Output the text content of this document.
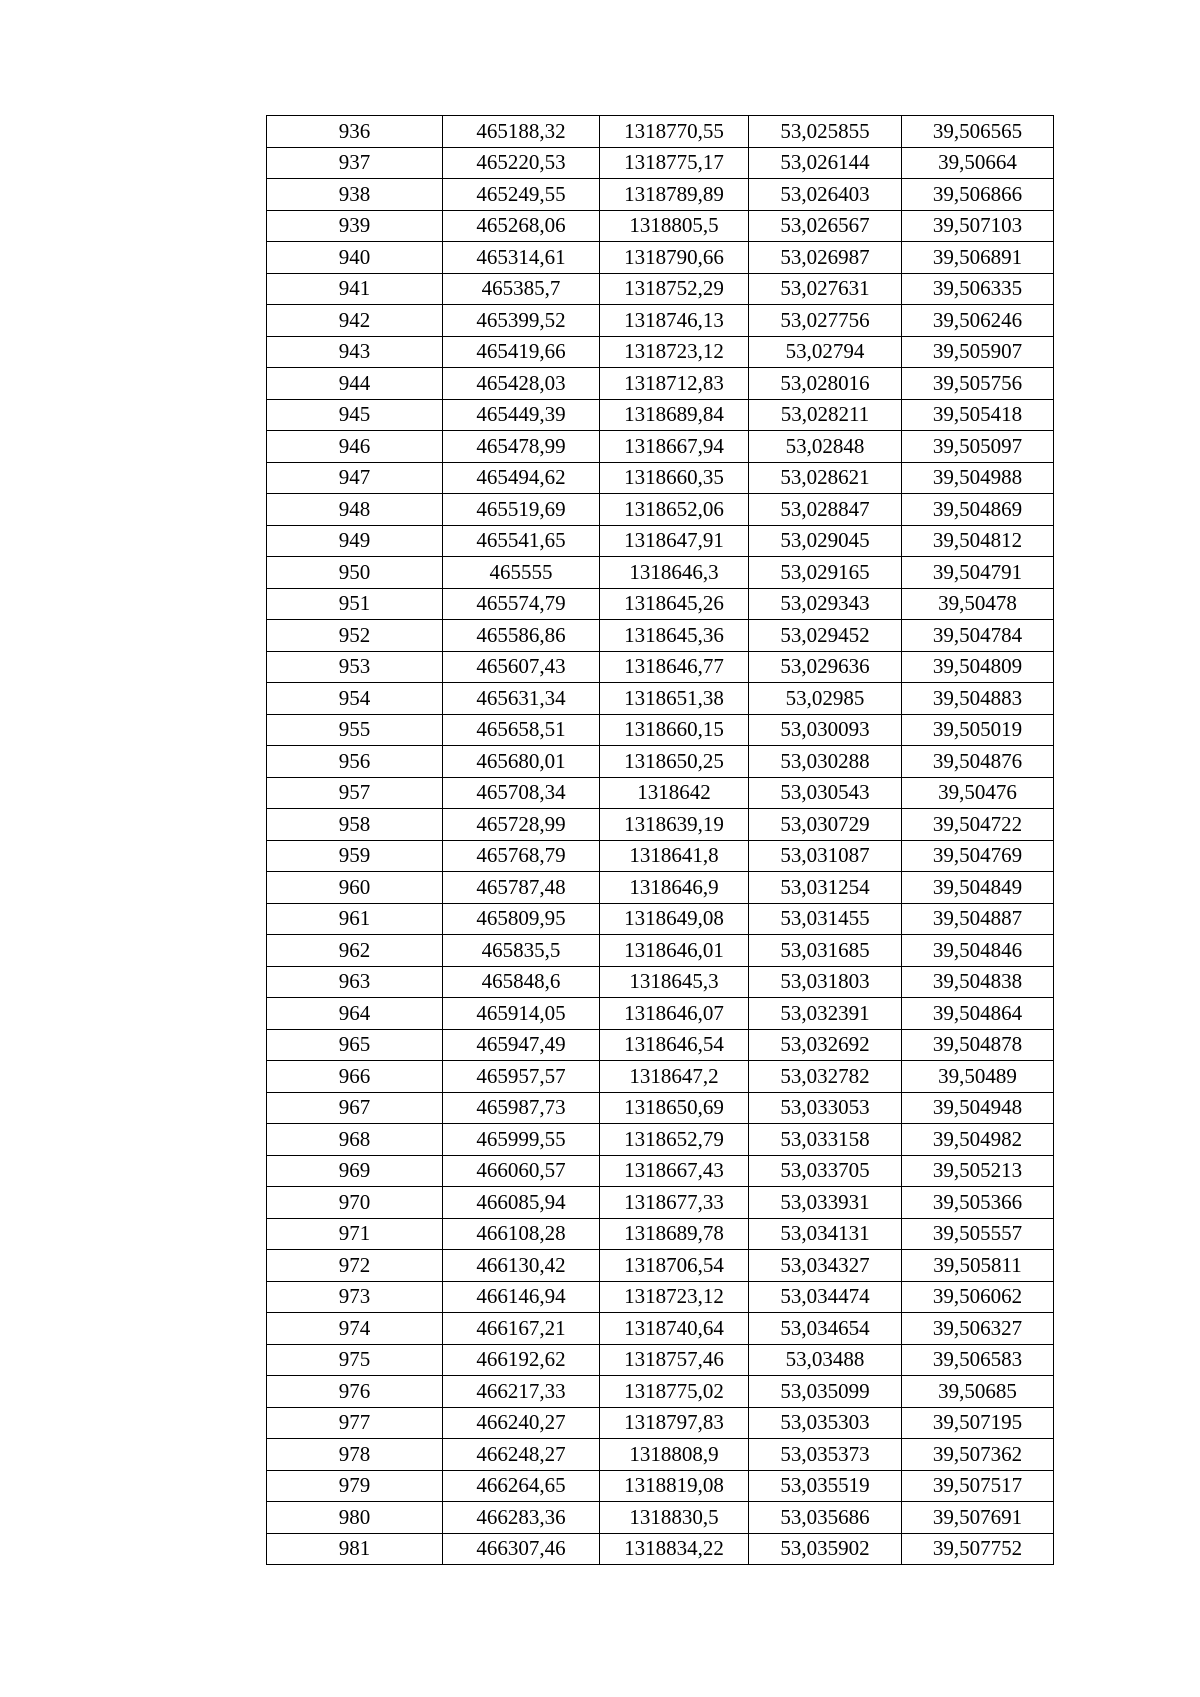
936	465188,32	1318770,55	53,025855	39,506565
937	465220,53	1318775,17	53,026144	39,50664
938	465249,55	1318789,89	53,026403	39,506866
939	465268,06	1318805,5	53,026567	39,507103
940	465314,61	1318790,66	53,026987	39,506891
941	465385,7	1318752,29	53,027631	39,506335
942	465399,52	1318746,13	53,027756	39,506246
943	465419,66	1318723,12	53,02794	39,505907
944	465428,03	1318712,83	53,028016	39,505756
945	465449,39	1318689,84	53,028211	39,505418
946	465478,99	1318667,94	53,02848	39,505097
947	465494,62	1318660,35	53,028621	39,504988
948	465519,69	1318652,06	53,028847	39,504869
949	465541,65	1318647,91	53,029045	39,504812
950	465555	1318646,3	53,029165	39,504791
951	465574,79	1318645,26	53,029343	39,50478
952	465586,86	1318645,36	53,029452	39,504784
953	465607,43	1318646,77	53,029636	39,504809
954	465631,34	1318651,38	53,02985	39,504883
955	465658,51	1318660,15	53,030093	39,505019
956	465680,01	1318650,25	53,030288	39,504876
957	465708,34	1318642	53,030543	39,50476
958	465728,99	1318639,19	53,030729	39,504722
959	465768,79	1318641,8	53,031087	39,504769
960	465787,48	1318646,9	53,031254	39,504849
961	465809,95	1318649,08	53,031455	39,504887
962	465835,5	1318646,01	53,031685	39,504846
963	465848,6	1318645,3	53,031803	39,504838
964	465914,05	1318646,07	53,032391	39,504864
965	465947,49	1318646,54	53,032692	39,504878
966	465957,57	1318647,2	53,032782	39,50489
967	465987,73	1318650,69	53,033053	39,504948
968	465999,55	1318652,79	53,033158	39,504982
969	466060,57	1318667,43	53,033705	39,505213
970	466085,94	1318677,33	53,033931	39,505366
971	466108,28	1318689,78	53,034131	39,505557
972	466130,42	1318706,54	53,034327	39,505811
973	466146,94	1318723,12	53,034474	39,506062
974	466167,21	1318740,64	53,034654	39,506327
975	466192,62	1318757,46	53,03488	39,506583
976	466217,33	1318775,02	53,035099	39,50685
977	466240,27	1318797,83	53,035303	39,507195
978	466248,27	1318808,9	53,035373	39,507362
979	466264,65	1318819,08	53,035519	39,507517
980	466283,36	1318830,5	53,035686	39,507691
981	466307,46	1318834,22	53,035902	39,507752
